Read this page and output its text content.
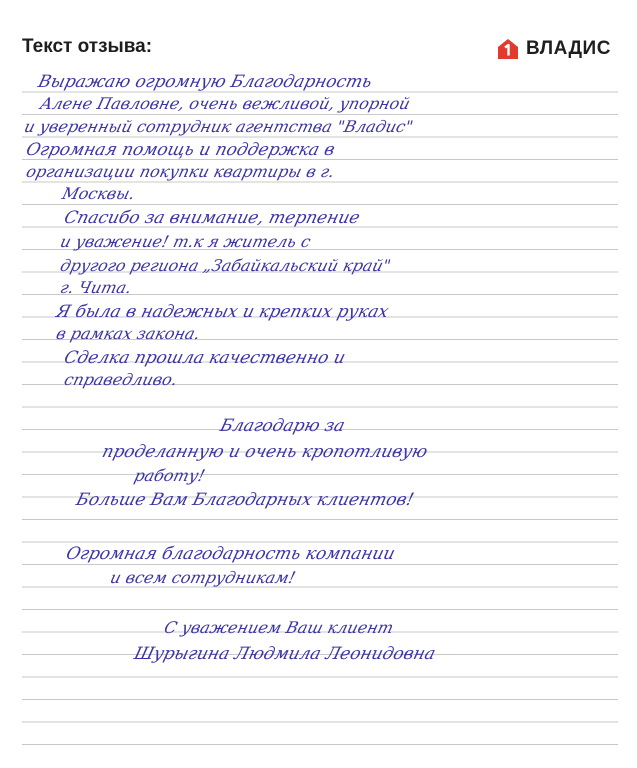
Текст отзыва:	ВЛАДИС

Выражаю огромную Благодарность

Алене Павловне, очень вежливой, упорной

и уверенный сотрудник агентства "Владис"

Огромная помощь и поддержка в

организации покупки квартиры в г.

Москвы.

Спасибо за внимание, терпение

и уважение! т.к я житель с

другого региона „Забайкальский край"

г. Чита.

Я была в надежных и крепких руках

в рамках закона.

Сделка прошла качественно и

справедливо.

Благодарю за

проделанную и очень кропотливую

работу!

Больше Вам Благодарных клиентов!

Огромная благодарность компании

и всем сотрудникам!

С уважением Ваш клиент

Шурыгина Людмила Леонидовна
